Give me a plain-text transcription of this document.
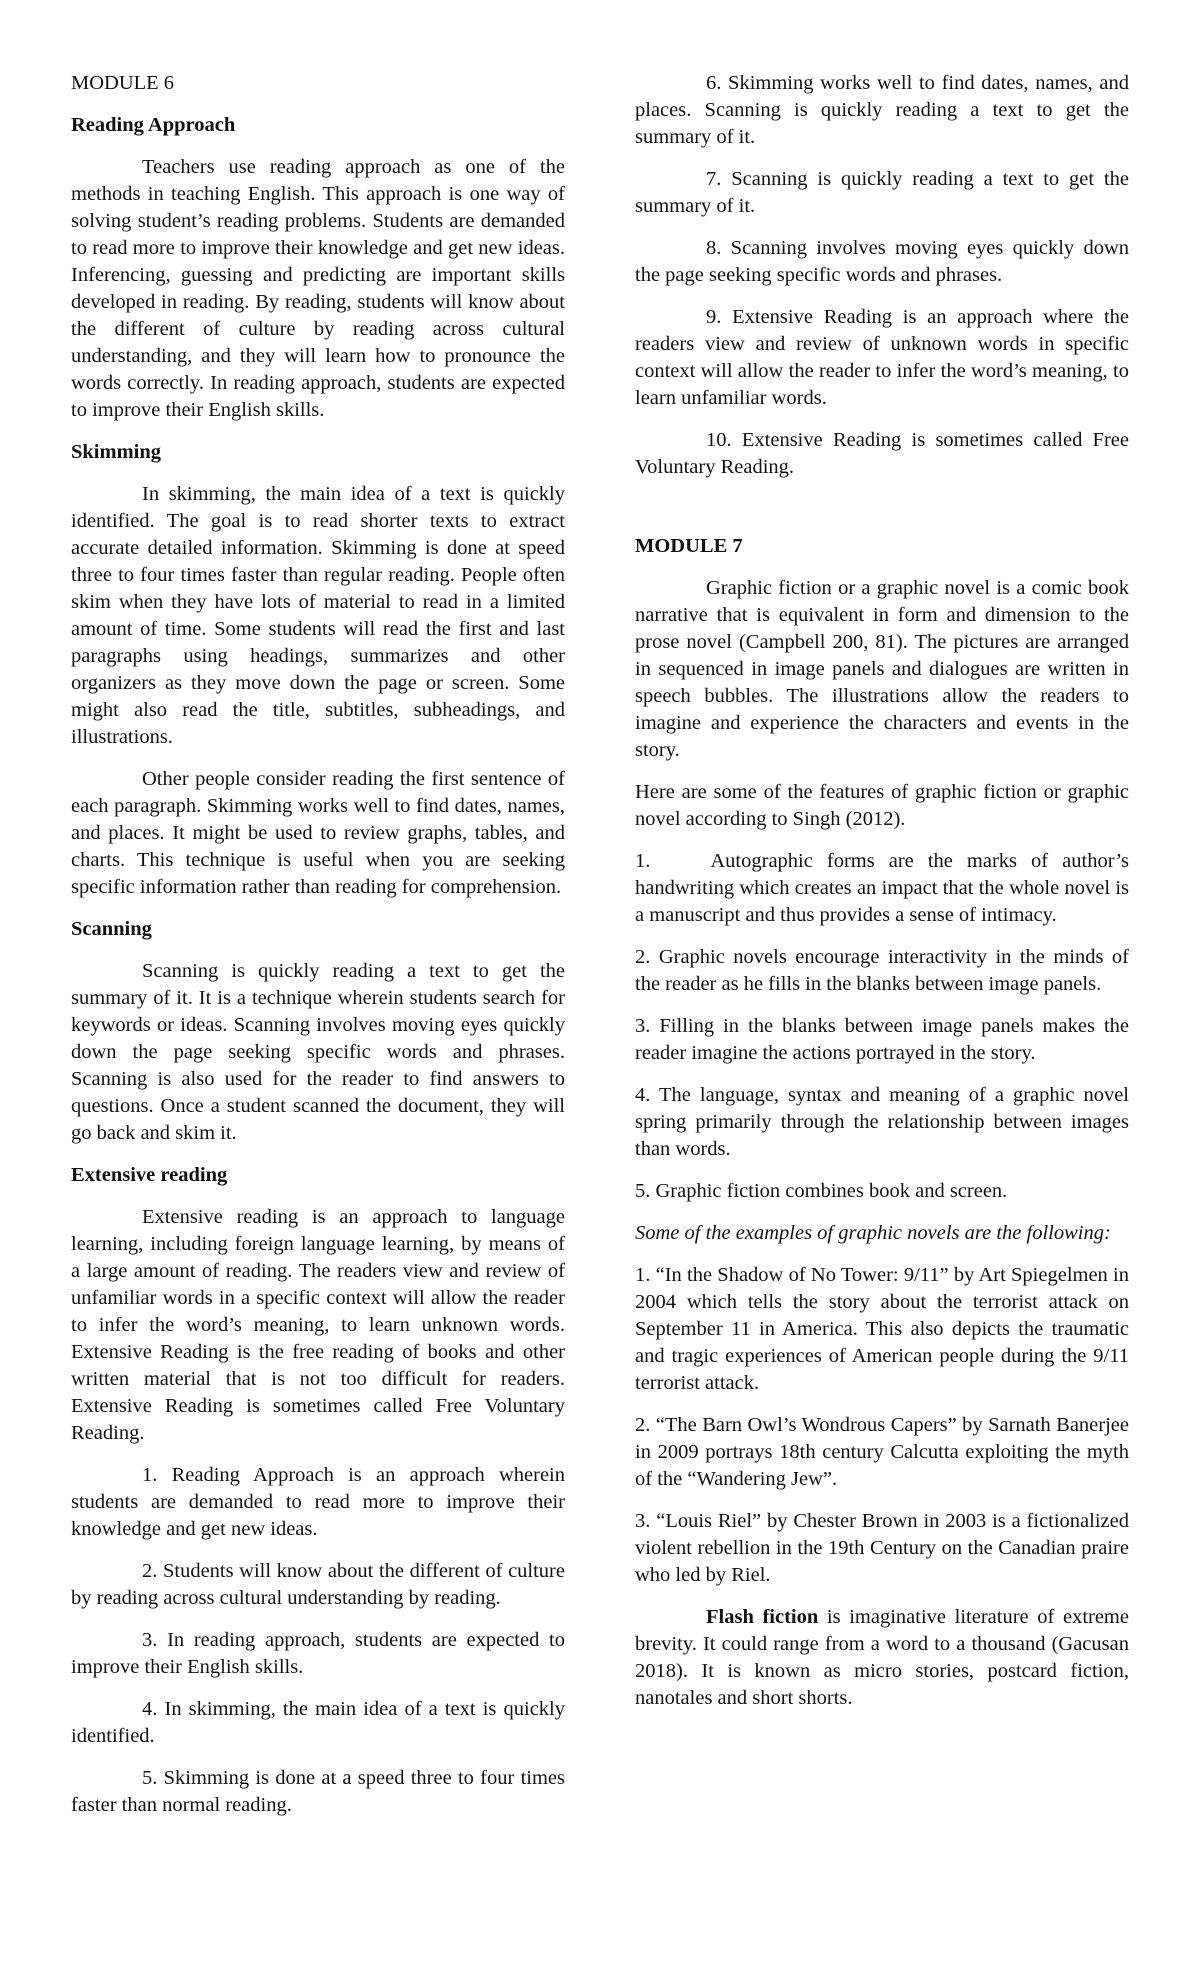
MODULE 6
Reading Approach

Teachers use reading approach as one of the methods in teaching English. This approach is one way of solving student’s reading problems. Students are demanded to read more to improve their knowledge and get new ideas. Inferencing, guessing and predicting are important skills developed in reading. By reading, students will know about the different of culture by reading across cultural understanding, and they will learn how to pronounce the words correctly. In reading approach, students are expected to improve their English skills.

Skimming

In skimming, the main idea of a text is quickly identified. The goal is to read shorter texts to extract accurate detailed information. Skimming is done at speed three to four times faster than regular reading. People often skim when they have lots of material to read in a limited amount of time. Some students will read the first and last paragraphs using headings, summarizes and other organizers as they move down the page or screen. Some might also read the title, subtitles, subheadings, and illustrations.

Other people consider reading the first sentence of each paragraph. Skimming works well to find dates, names, and places. It might be used to review graphs, tables, and charts. This technique is useful when you are seeking specific information rather than reading for comprehension.

Scanning

Scanning is quickly reading a text to get the summary of it. It is a technique wherein students search for keywords or ideas. Scanning involves moving eyes quickly down the page seeking specific words and phrases. Scanning is also used for the reader to find answers to questions. Once a student scanned the document, they will go back and skim it.

Extensive reading

Extensive reading is an approach to language learning, including foreign language learning, by means of a large amount of reading. The readers view and review of unfamiliar words in a specific context will allow the reader to infer the word’s meaning, to learn unknown words. Extensive Reading is the free reading of books and other written material that is not too difficult for readers. Extensive Reading is sometimes called Free Voluntary Reading.

1. Reading Approach is an approach wherein students are demanded to read more to improve their knowledge and get new ideas.

2. Students will know about the different of culture by reading across cultural understanding by reading.

3. In reading approach, students are expected to improve their English skills.

4. In skimming, the main idea of a text is quickly identified.

5. Skimming is done at a speed three to four times faster than normal reading.

6. Skimming works well to find dates, names, and places. Scanning is quickly reading a text to get the summary of it.

7. Scanning is quickly reading a text to get the summary of it.

8. Scanning involves moving eyes quickly down the page seeking specific words and phrases.

9. Extensive Reading is an approach where the readers view and review of unknown words in specific context will allow the reader to infer the word’s meaning, to learn unfamiliar words.

10. Extensive Reading is sometimes called Free Voluntary Reading.

MODULE 7

Graphic fiction or a graphic novel is a comic book narrative that is equivalent in form and dimension to the prose novel (Campbell 200, 81). The pictures are arranged in sequenced in image panels and dialogues are written in speech bubbles. The illustrations allow the readers to imagine and experience the characters and events in the story.

Here are some of the features of graphic fiction or graphic novel according to Singh (2012).

1.	Autographic forms are the marks of author’s handwriting which creates an impact that the whole novel is a manuscript and thus provides a sense of intimacy.

2. Graphic novels encourage interactivity in the minds of the reader as he fills in the blanks between image panels.

3. Filling in the blanks between image panels makes the reader imagine the actions portrayed in the story.

4. The language, syntax and meaning of a graphic novel spring primarily through the relationship between images than words.

5. Graphic fiction combines book and screen.

Some of the examples of graphic novels are the following:

1. “In the Shadow of No Tower: 9/11” by Art Spiegelmen in 2004 which tells the story about the terrorist attack on September 11 in America. This also depicts the traumatic and tragic experiences of American people during the 9/11 terrorist attack.

2. “The Barn Owl’s Wondrous Capers” by Sarnath Banerjee in 2009 portrays 18th century Calcutta exploiting the myth of the “Wandering Jew”.

3. “Louis Riel” by Chester Brown in 2003 is a fictionalized violent rebellion in the 19th Century on the Canadian praire who led by Riel.

Flash fiction is imaginative literature of extreme brevity. It could range from a word to a thousand (Gacusan 2018). It is known as micro stories, postcard fiction, nanotales and short shorts.
